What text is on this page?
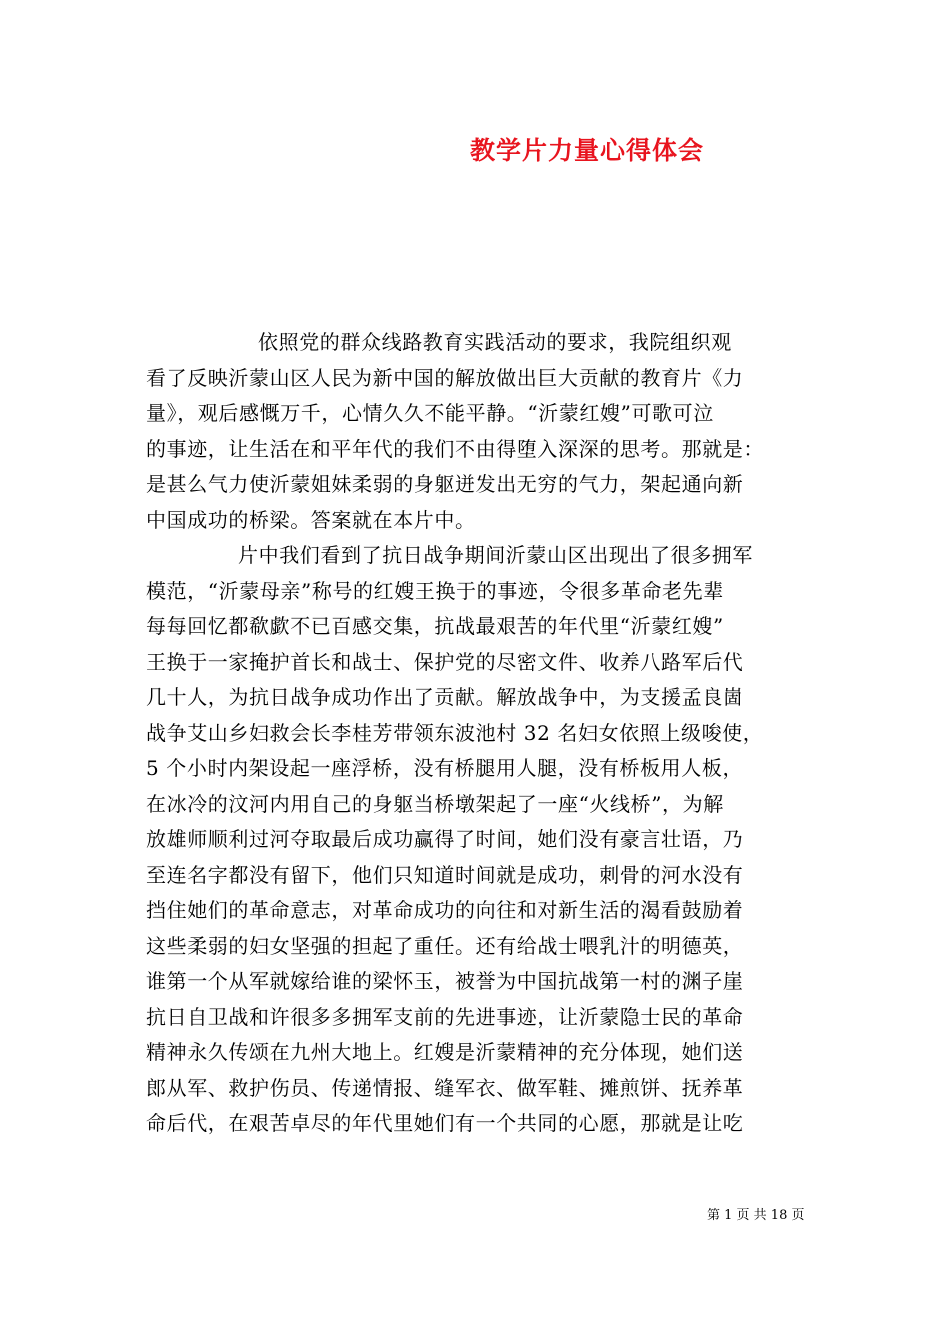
教学片力量心得体会
依照党的群众线路教育实践活动的要求，我院组织观
看了反映沂蒙山区人民为新中国的解放做出巨大贡献的教育片《力
量》，观后感慨万千，心情久久不能平静。“沂蒙红嫂”可歌可泣
的事迹，让生活在和平年代的我们不由得堕入深深的思考。那就是：
是甚么气力使沂蒙姐妹柔弱的身躯迸发出无穷的气力，架起通向新
中国成功的桥梁。答案就在本片中。
片中我们看到了抗日战争期间沂蒙山区出现出了很多拥军
模范，“沂蒙母亲”称号的红嫂王换于的事迹，令很多革命老先辈
每每回忆都欷歔不已百感交集，抗战最艰苦的年代里“沂蒙红嫂”
王换于一家掩护首长和战士、保护党的尽密文件、收养八路军后代
几十人，为抗日战争成功作出了贡献。解放战争中，为支援孟良崮
战争艾山乡妇救会长李桂芳带领东波池村 32 名妇女依照上级唆使，
5 个小时内架设起一座浮桥，没有桥腿用人腿，没有桥板用人板，
在冰冷的汶河内用自己的身躯当桥墩架起了一座“火线桥”，为解
放雄师顺利过河夺取最后成功赢得了时间，她们没有豪言壮语，乃
至连名字都没有留下，他们只知道时间就是成功，刺骨的河水没有
挡住她们的革命意志，对革命成功的向往和对新生活的渴看鼓励着
这些柔弱的妇女坚强的担起了重任。还有给战士喂乳汁的明德英，
谁第一个从军就嫁给谁的梁怀玉，被誉为中国抗战第一村的渊子崖
抗日自卫战和许很多多拥军支前的先进事迹，让沂蒙隐士民的革命
精神永久传颂在九州大地上。红嫂是沂蒙精神的充分体现，她们送
郎从军、救护伤员、传递情报、缝军衣、做军鞋、摊煎饼、抚养革
命后代，在艰苦卓尽的年代里她们有一个共同的心愿，那就是让吃
第 1 页 共 18 页
